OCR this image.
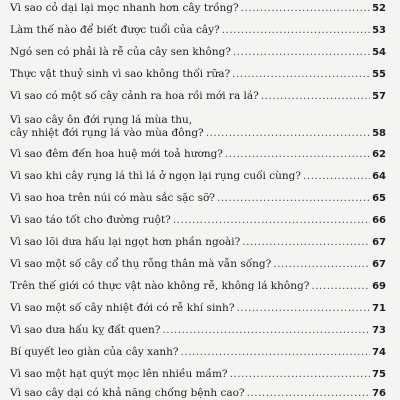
Vì sao cỏ dại lại mọc nhanh hơn cây trồng? .....	52
Làm thế nào để biết được tuổi của cây? .....	53
Ngó sen có phải là rễ của cây sen không? .....	54
Thực vật thuỷ sinh vì sao không thối rữa? .....	55
Vì sao có một số cây cảnh ra hoa rồi mới ra lá? .....	57
Vì sao cây ôn đới rụng lá mùa thu,
cây nhiệt đới rụng lá vào mùa đông? .....	58
Vì sao đêm đến hoa huệ mới toả hương? .....	62
Vì sao khi cây rụng lá thì lá ở ngọn lại rụng cuối cùng? .....	64
Vì sao hoa trên núi có màu sắc sặc sỡ? .....	65
Vì sao táo tốt cho đường ruột? .....	66
Vì sao lõi dưa hấu lại ngọt hơn phần ngoài? .....	67
Vì sao một số cây cổ thụ rỗng thân mà vẫn sống? .....	67
Trên thế giới có thực vật nào không rễ, không lá không? .....	69
Vì sao một số cây nhiệt đới có rễ khí sinh? .....	71
Vì sao dưa hấu kỵ đất quen? .....	73
Bí quyết leo giàn của cây xanh? .....	74
Vì sao một hạt quýt mọc lên nhiều mầm? .....	75
Vì sao cây dại có khả năng chống bệnh cao? .....	76
